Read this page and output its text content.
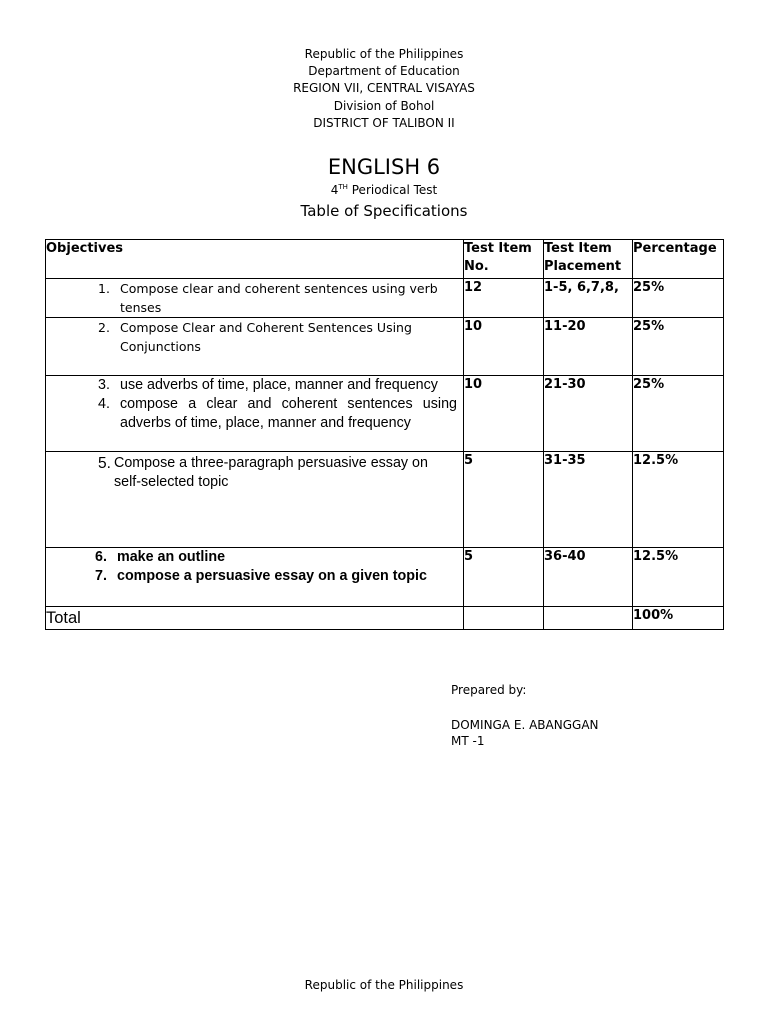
Republic of the Philippines
Department of Education
REGION VII, CENTRAL VISAYAS
Division of Bohol
DISTRICT OF TALIBON II
ENGLISH 6
4TH Periodical Test
Table of Specifications
Objectives	Test Item No.	Test Item Placement	Percentage

1. Compose clear and coherent sentences using verb tenses	12	1-5, 6,7,8,	25%

2. Compose Clear and Coherent Sentences Using Conjunctions	10	11-20	25%

3. use adverbs of time, place, manner and frequency
4. compose a clear and coherent sentences using adverbs of time, place, manner and frequency	10	21-30	25%

5. Compose a three-paragraph persuasive essay on self-selected topic	5	31-35	12.5%

6. make an outline
7. compose a persuasive essay on a given topic	5	36-40	12.5%
Total			100%
Prepared by:
DOMINGA E. ABANGGAN
MT -1
Republic of the Philippines
